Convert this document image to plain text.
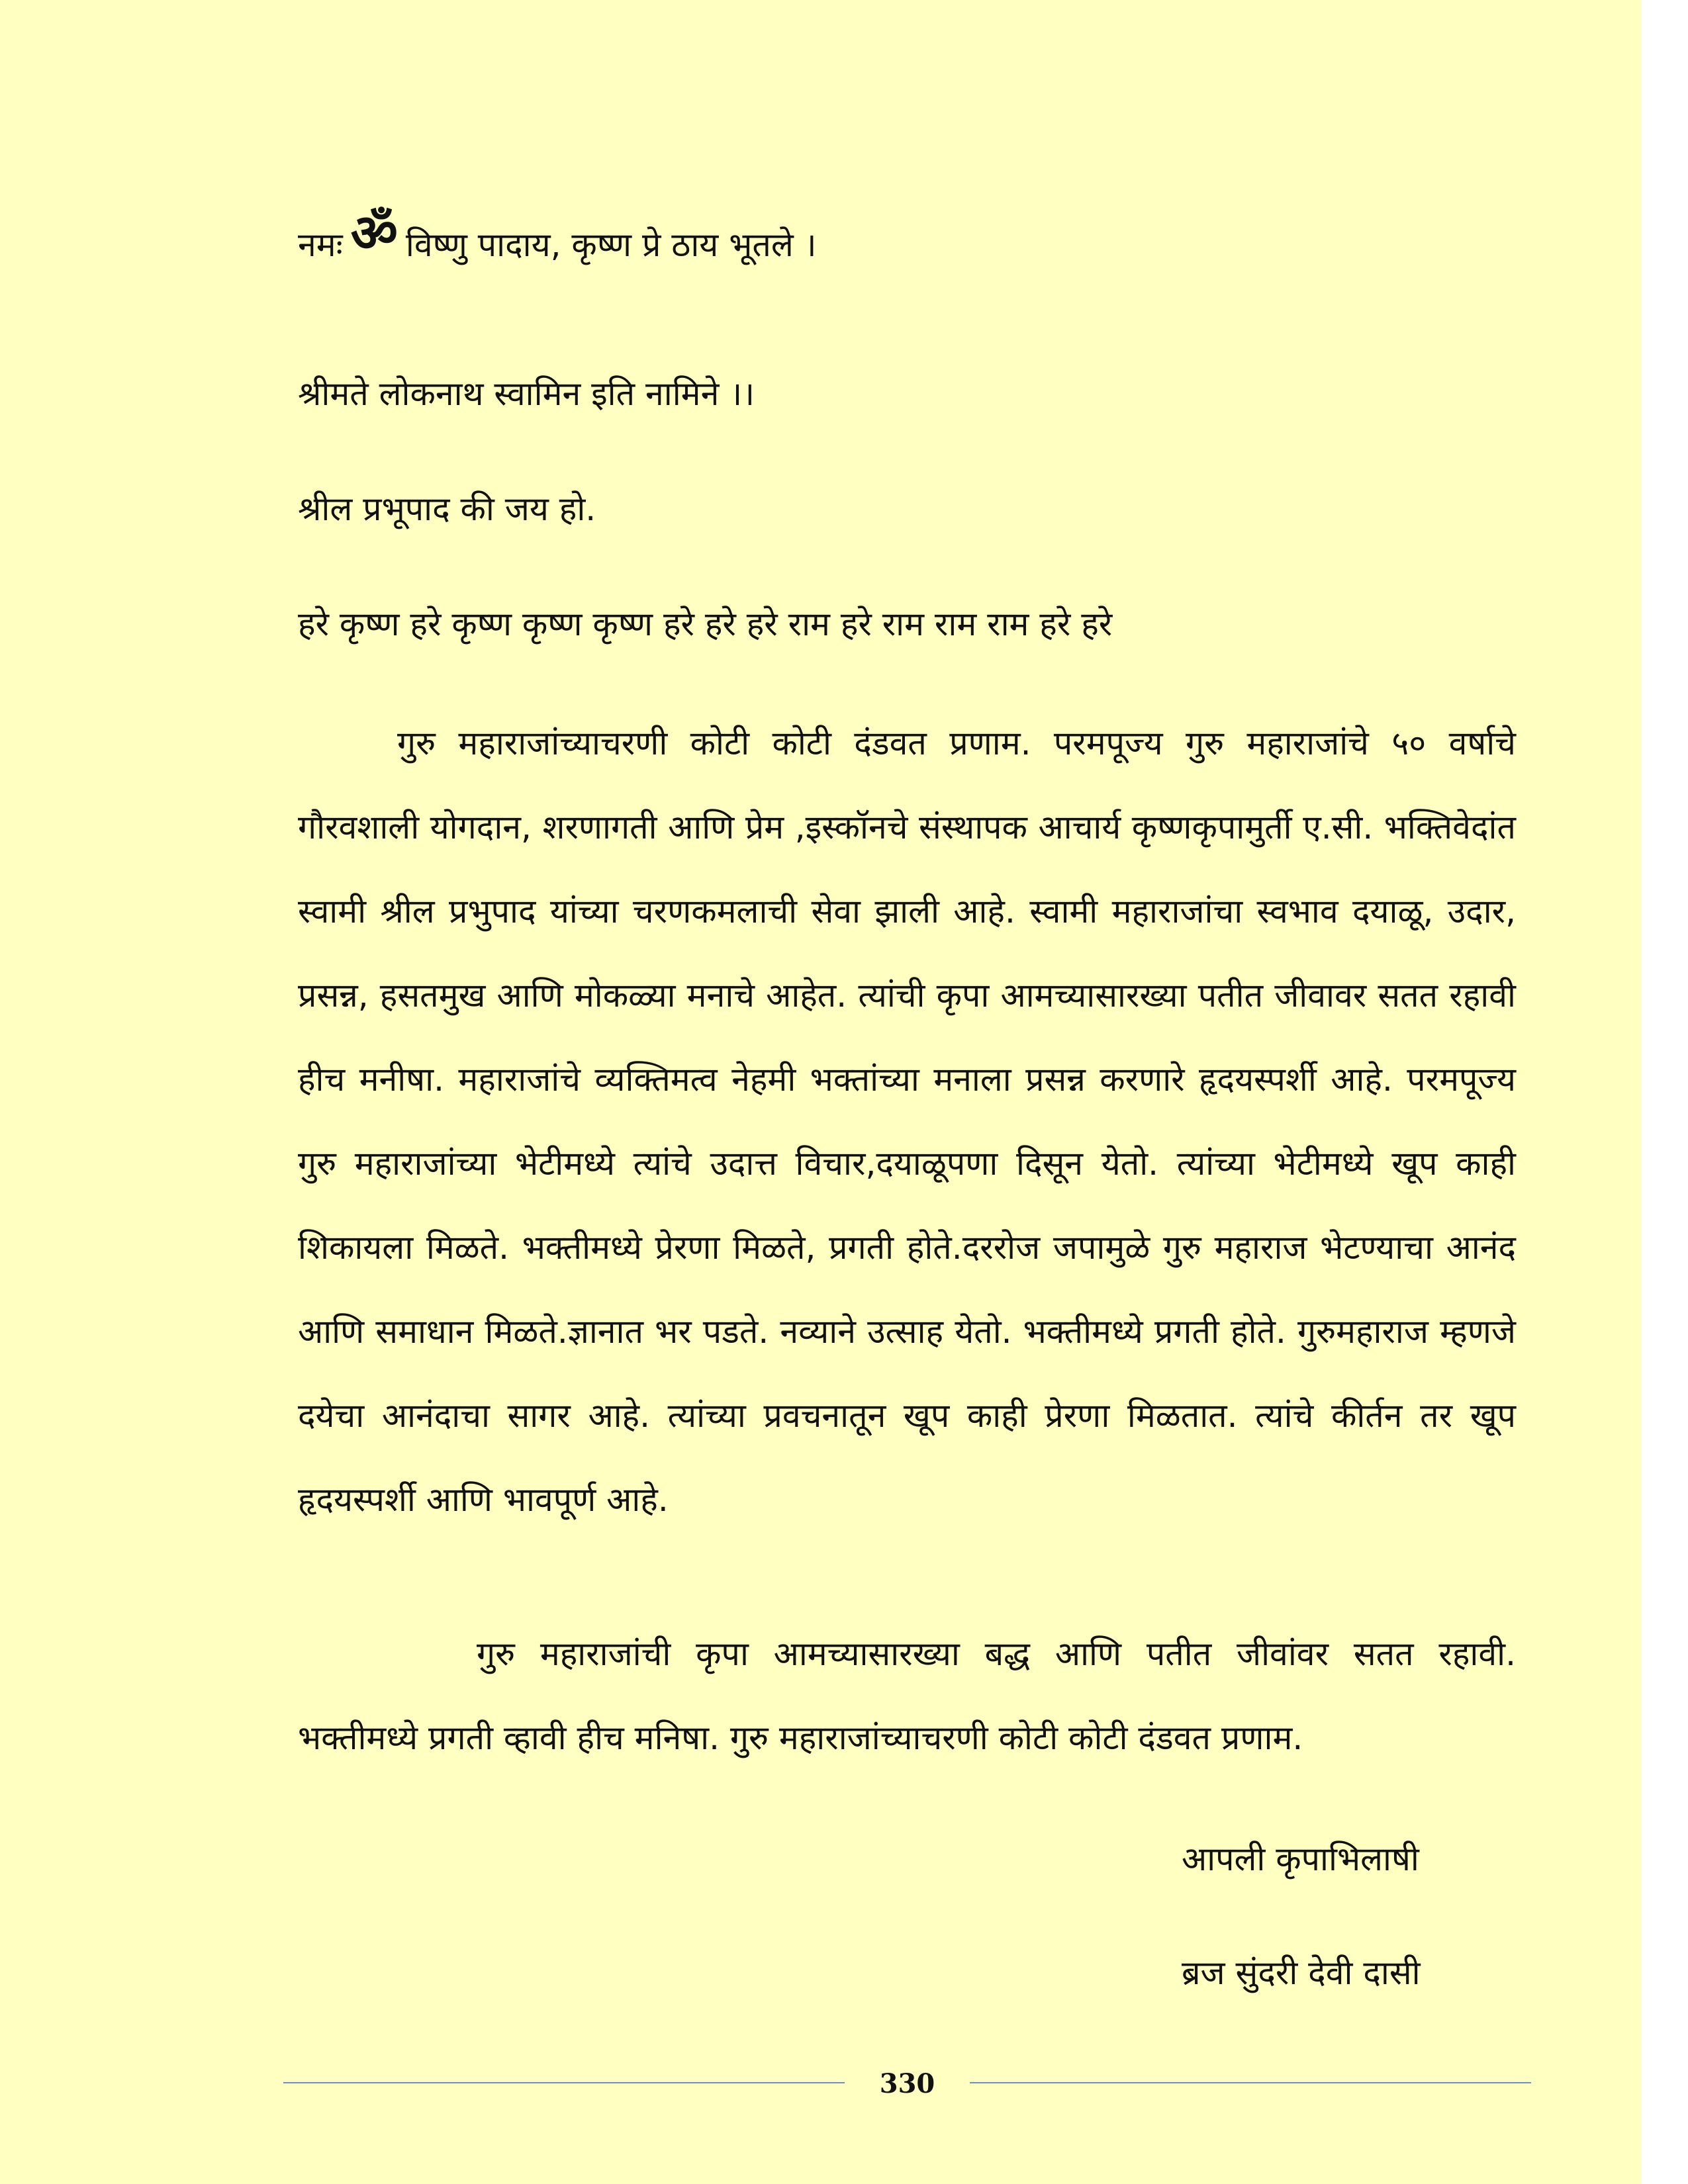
नमः ॐ विष्णु पादाय, कृष्ण प्रे ठाय भूतले ।
श्रीमते लोकनाथ स्वामिन इति नामिने ।।
श्रील प्रभूपाद की जय हो.
हरे कृष्ण हरे कृष्ण कृष्ण कृष्ण हरे हरे हरे राम हरे राम राम राम हरे हरे

गुरु महाराजांच्याचरणी कोटी कोटी दंडवत प्रणाम. परमपूज्य गुरु महाराजांचे ५० वर्षाचे गौरवशाली योगदान, शरणागती आणि प्रेम ,इस्कॉनचे संस्थापक आचार्य कृष्णकृपामुर्ती ए.सी. भक्तिवेदांत स्वामी श्रील प्रभुपाद यांच्या चरणकमलाची सेवा झाली आहे. स्वामी महाराजांचा स्वभाव दयाळू, उदार, प्रसन्न, हसतमुख आणि मोकळ्या मनाचे आहेत. त्यांची कृपा आमच्यासारख्या पतीत जीवावर सतत रहावी हीच मनीषा. महाराजांचे व्यक्तिमत्व नेहमी भक्तांच्या मनाला प्रसन्न करणारे हृदयस्पर्शी आहे. परमपूज्य गुरु महाराजांच्या भेटीमध्ये त्यांचे उदात्त विचार,दयाळूपणा दिसून येतो. त्यांच्या भेटीमध्ये खूप काही शिकायला मिळते. भक्तीमध्ये प्रेरणा मिळते, प्रगती होते.दररोज जपामुळे गुरु महाराज भेटण्याचा आनंद आणि समाधान मिळते.ज्ञानात भर पडते. नव्याने उत्साह येतो. भक्तीमध्ये प्रगती होते. गुरुमहाराज म्हणजे दयेचा आनंदाचा सागर आहे. त्यांच्या प्रवचनातून खूप काही प्रेरणा मिळतात. त्यांचे कीर्तन तर खूप हृदयस्पर्शी आणि भावपूर्ण आहे.

गुरु महाराजांची कृपा आमच्यासारख्या बद्ध आणि पतीत जीवांवर सतत रहावी. भक्तीमध्ये प्रगती व्हावी हीच मनिषा. गुरु महाराजांच्याचरणी कोटी कोटी दंडवत प्रणाम.

आपली कृपाभिलाषी
ब्रज सुंदरी देवी दासी
330
